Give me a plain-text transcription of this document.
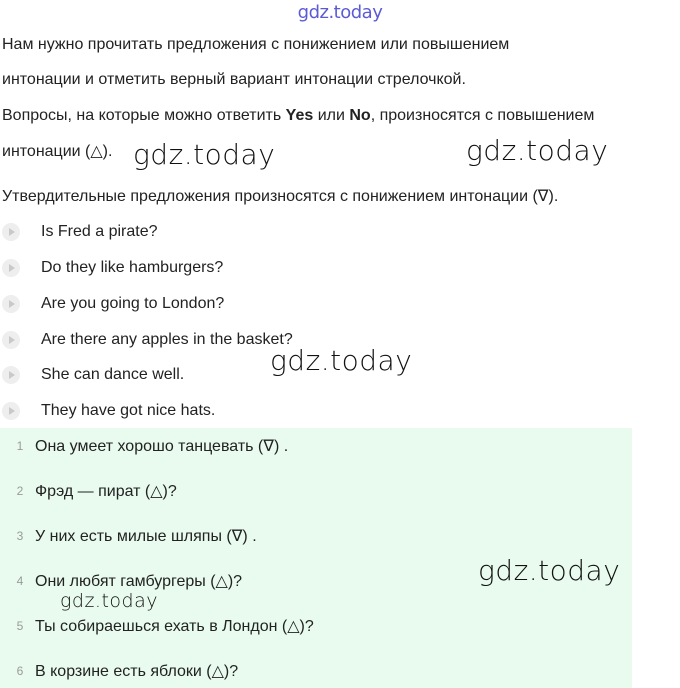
gdz.today
Нам нужно прочитать предложения с понижением или повышением
интонации и отметить верный вариант интонации стрелочкой.
Вопросы, на которые можно ответить Yes или No, произносятся с повышением
интонации (△).
Утвердительные предложения произносятся с понижением интонации (∇).
Is Fred a pirate?
Do they like hamburgers?
Are you going to London?
Are there any apples in the basket?
She can dance well.
They have got nice hats.
1 Она умеет хорошо танцевать (∇) .
2 Фрэд — пират (△)?
3 У них есть милые шляпы (∇) .
4 Они любят гамбургеры (△)?
5 Ты собираешься ехать в Лондон (△)?
6 В корзине есть яблоки (△)?
gdz.today	gdz.today
gdz.today
gdz.today
gdz.today
